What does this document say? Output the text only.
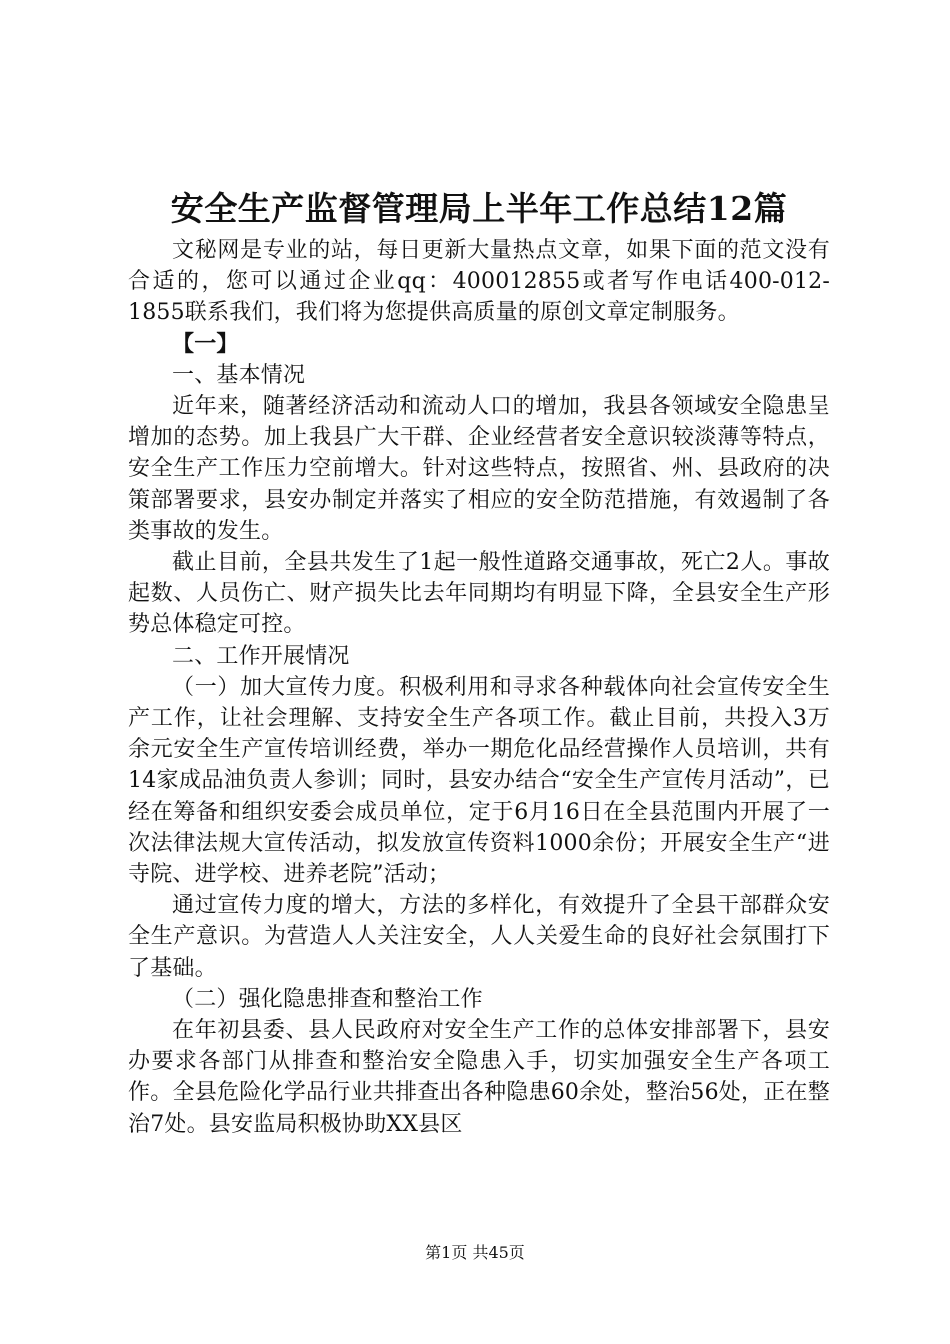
安全生产监督管理局上半年工作总结12篇

文秘网是专业的站，每日更新大量热点文章，如果下面的范文没有合适的，您可以通过企业qq：400012855或者写作电话400-012-1855联系我们，我们将为您提供高质量的原创文章定制服务。

【一】

一、基本情况

近年来，随著经济活动和流动人口的增加，我县各领域安全隐患呈增加的态势。加上我县广大干群、企业经营者安全意识较淡薄等特点，安全生产工作压力空前增大。针对这些特点，按照省、州、县政府的决策部署要求，县安办制定并落实了相应的安全防范措施，有效遏制了各类事故的发生。

截止目前，全县共发生了1起一般性道路交通事故，死亡2人。事故起数、人员伤亡、财产损失比去年同期均有明显下降，全县安全生产形势总体稳定可控。

二、工作开展情况

（一）加大宣传力度。积极利用和寻求各种载体向社会宣传安全生产工作，让社会理解、支持安全生产各项工作。截止目前，共投入3万余元安全生产宣传培训经费，举办一期危化品经营操作人员培训，共有14家成品油负责人参训；同时，县安办结合“安全生产宣传月活动”，已经在筹备和组织安委会成员单位，定于6月16日在全县范围内开展了一次法律法规大宣传活动，拟发放宣传资料1000余份；开展安全生产“进寺院、进学校、进养老院”活动；

通过宣传力度的增大，方法的多样化，有效提升了全县干部群众安全生产意识。为营造人人关注安全，人人关爱生命的良好社会氛围打下了基础。

（二）强化隐患排查和整治工作

在年初县委、县人民政府对安全生产工作的总体安排部署下，县安办要求各部门从排查和整治安全隐患入手，切实加强安全生产各项工作。全县危险化学品行业共排查出各种隐患60余处，整治56处，正在整治7处。县安监局积极协助XX县区

第1页 共45页
